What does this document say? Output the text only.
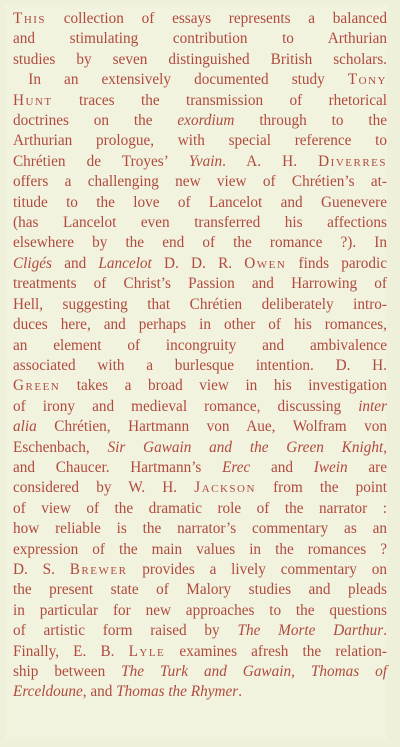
This collection of essays represents a balanced
and stimulating contribution to Arthurian
studies by seven distinguished British scholars.
 In an extensively documented study Tony
Hunt traces the transmission of rhetorical
doctrines on the exordium through to the
Arthurian prologue, with special reference to
Chrétien de Troyes’ Yvain. A. H. Diverres
offers a challenging new view of Chrétien’s at-
titude to the love of Lancelot and Guenevere
(has Lancelot even transferred his affections
elsewhere by the end of the romance ?). In
Cligés and Lancelot D. D. R. Owen finds parodic
treatments of Christ’s Passion and Harrowing of
Hell, suggesting that Chrétien deliberately intro-
duces here, and perhaps in other of his romances,
an element of incongruity and ambivalence
associated with a burlesque intention. D. H.
Green takes a broad view in his investigation
of irony and medieval romance, discussing inter
alia Chrétien, Hartmann von Aue, Wolfram von
Eschenbach, Sir Gawain and the Green Knight,
and Chaucer. Hartmann’s Erec and Iwein are
considered by W. H. Jackson from the point
of view of the dramatic role of the narrator :
how reliable is the narrator’s commentary as an
expression of the main values in the romances ?
D. S. Brewer provides a lively commentary on
the present state of Malory studies and pleads
in particular for new approaches to the questions
of artistic form raised by The Morte Darthur.
Finally, E. B. Lyle examines afresh the relation-
ship between The Turk and Gawain, Thomas of
Erceldoune, and Thomas the Rhymer.
